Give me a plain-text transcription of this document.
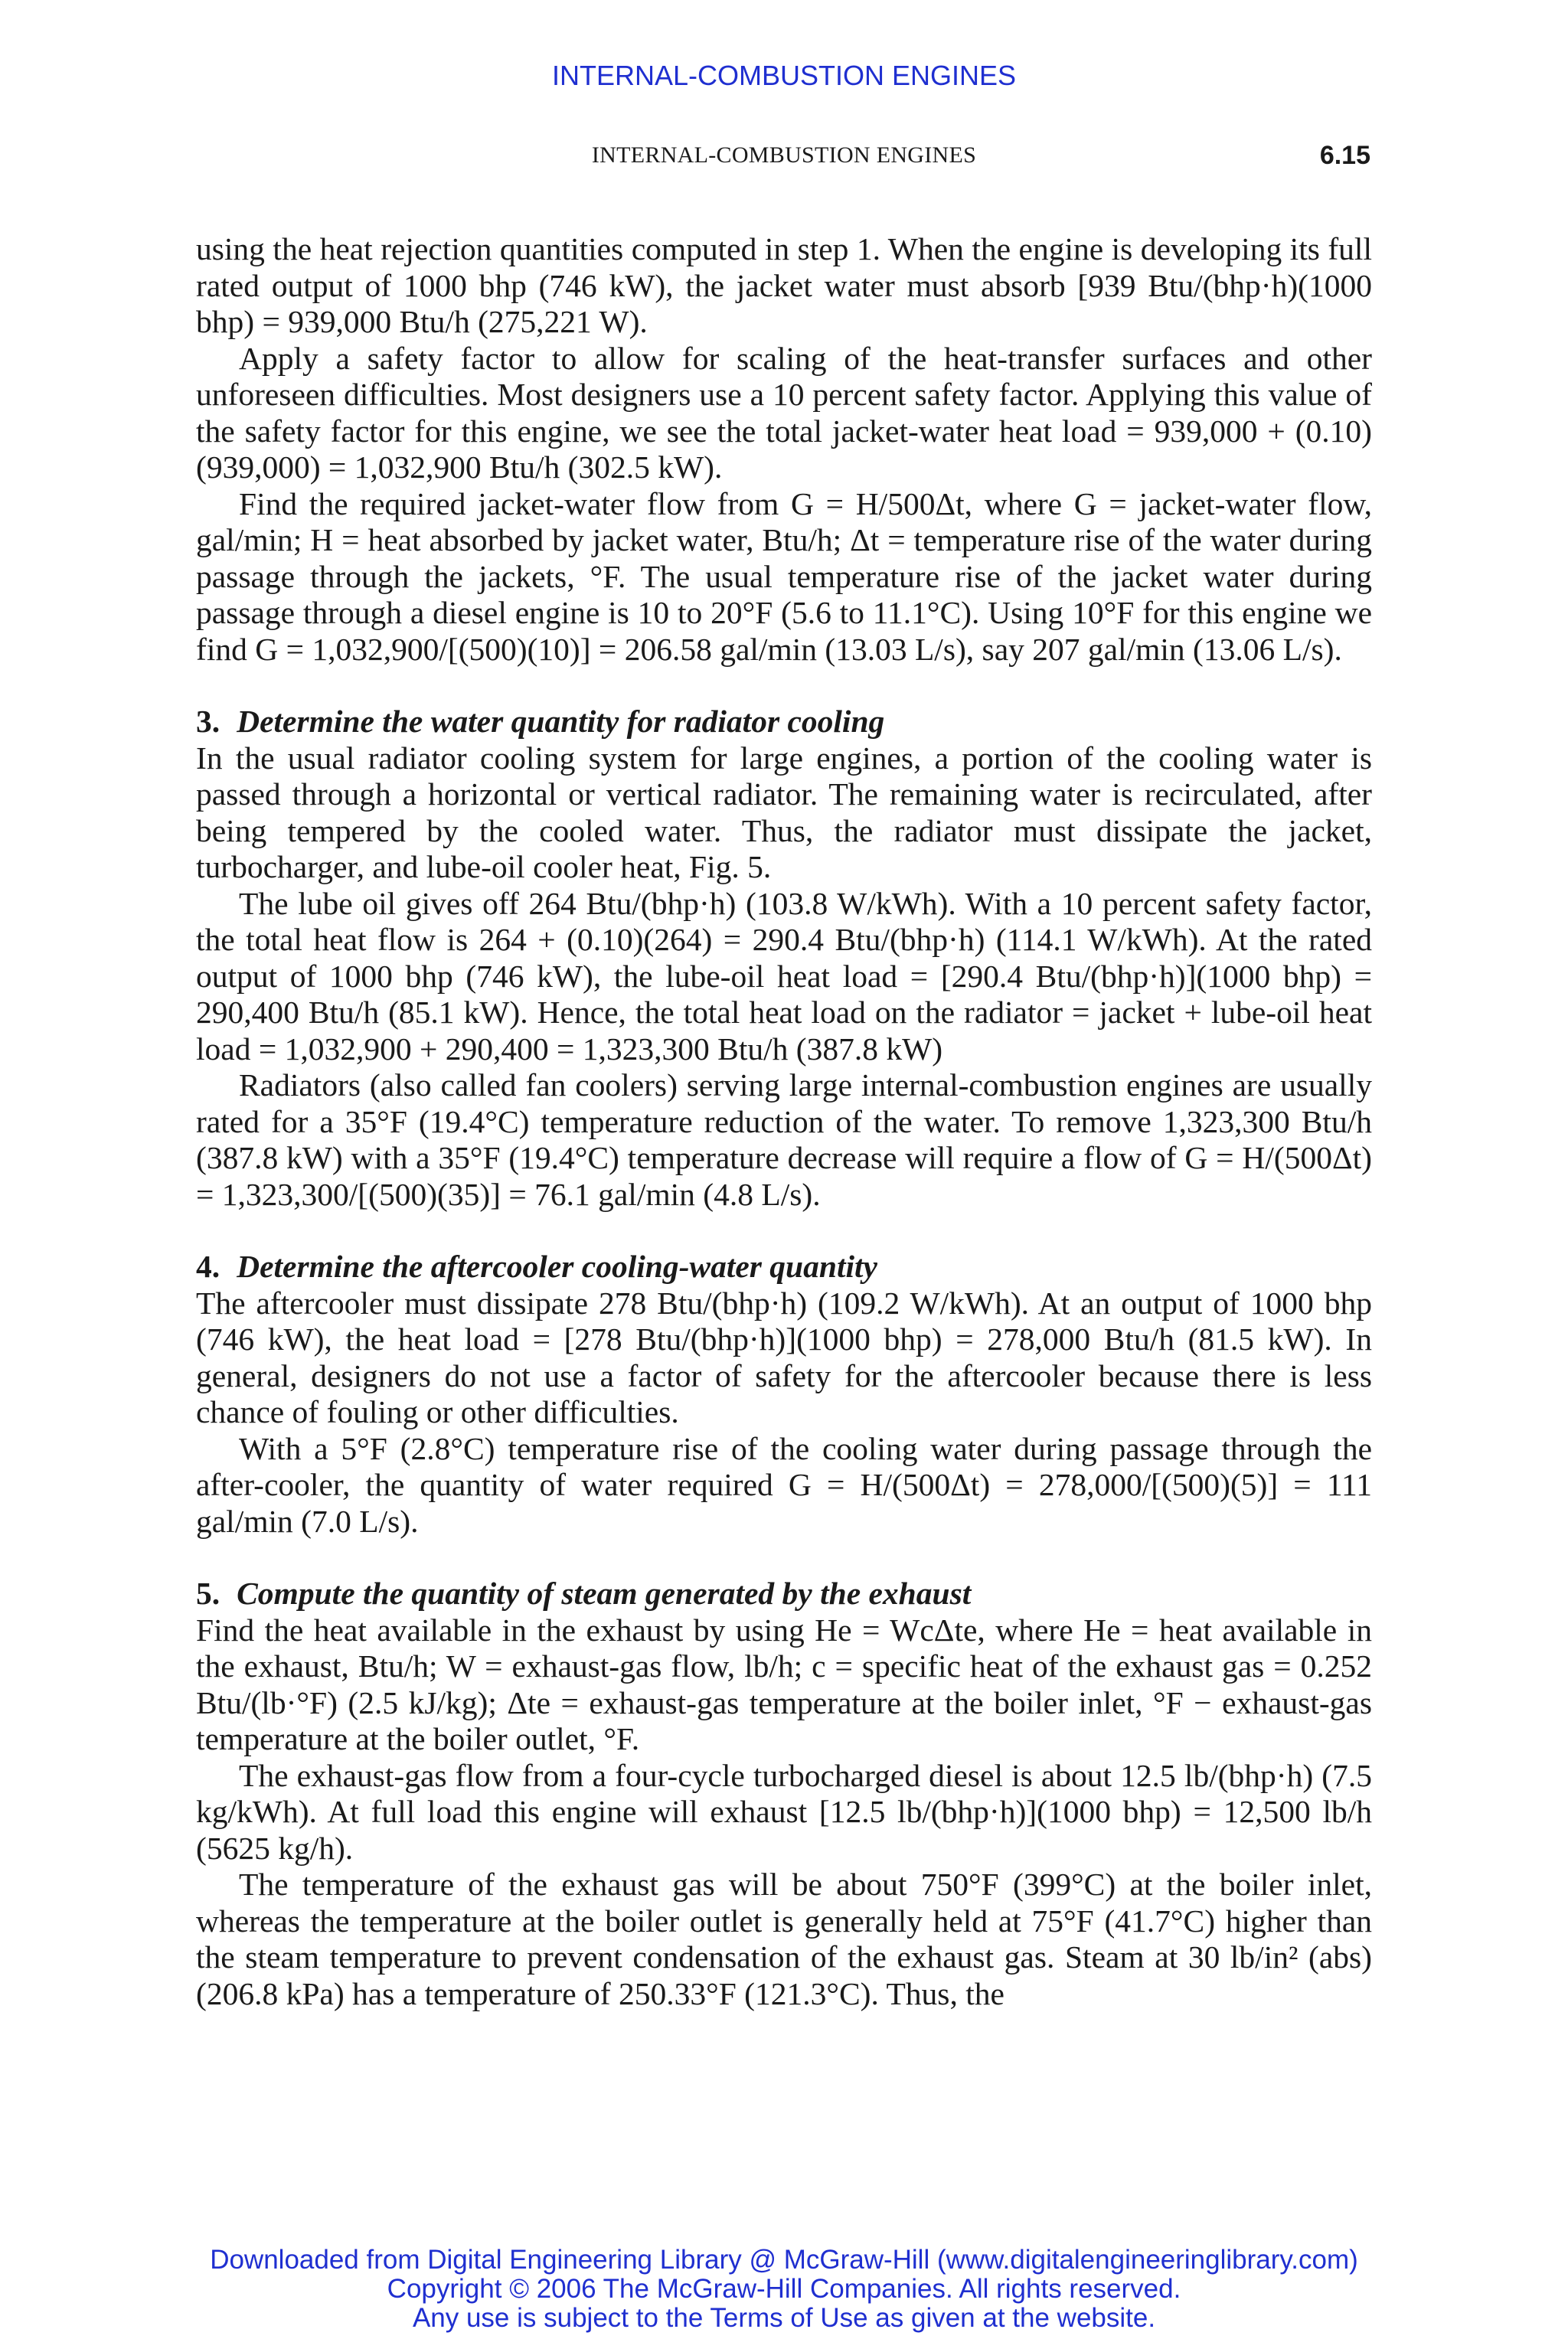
INTERNAL-COMBUSTION ENGINES
INTERNAL-COMBUSTION ENGINES	6.15

using the heat rejection quantities computed in step 1. When the engine is developing its full rated output of 1000 bhp (746 kW), the jacket water must absorb [939 Btu/(bhp·h)(1000 bhp) = 939,000 Btu/h (275,221 W).

Apply a safety factor to allow for scaling of the heat-transfer surfaces and other unforeseen difficulties. Most designers use a 10 percent safety factor. Applying this value of the safety factor for this engine, we see the total jacket-water heat load = 939,000 + (0.10)(939,000) = 1,032,900 Btu/h (302.5 kW).

Find the required jacket-water flow from G = H/500Δt, where G = jacket-water flow, gal/min; H = heat absorbed by jacket water, Btu/h; Δt = temperature rise of the water during passage through the jackets, °F. The usual temperature rise of the jacket water during passage through a diesel engine is 10 to 20°F (5.6 to 11.1°C). Using 10°F for this engine we find G = 1,032,900/[(500)(10)] = 206.58 gal/min (13.03 L/s), say 207 gal/min (13.06 L/s).

3. Determine the water quantity for radiator cooling

In the usual radiator cooling system for large engines, a portion of the cooling water is passed through a horizontal or vertical radiator. The remaining water is recirculated, after being tempered by the cooled water. Thus, the radiator must dissipate the jacket, turbocharger, and lube-oil cooler heat, Fig. 5.

The lube oil gives off 264 Btu/(bhp·h) (103.8 W/kWh). With a 10 percent safety factor, the total heat flow is 264 + (0.10)(264) = 290.4 Btu/(bhp·h) (114.1 W/kWh). At the rated output of 1000 bhp (746 kW), the lube-oil heat load = [290.4 Btu/(bhp·h)](1000 bhp) = 290,400 Btu/h (85.1 kW). Hence, the total heat load on the radiator = jacket + lube-oil heat load = 1,032,900 + 290,400 = 1,323,300 Btu/h (387.8 kW)

Radiators (also called fan coolers) serving large internal-combustion engines are usually rated for a 35°F (19.4°C) temperature reduction of the water. To remove 1,323,300 Btu/h (387.8 kW) with a 35°F (19.4°C) temperature decrease will require a flow of G = H/(500Δt) = 1,323,300/[(500)(35)] = 76.1 gal/min (4.8 L/s).

4. Determine the aftercooler cooling-water quantity

The aftercooler must dissipate 278 Btu/(bhp·h) (109.2 W/kWh). At an output of 1000 bhp (746 kW), the heat load = [278 Btu/(bhp·h)](1000 bhp) = 278,000 Btu/h (81.5 kW). In general, designers do not use a factor of safety for the aftercooler because there is less chance of fouling or other difficulties.

With a 5°F (2.8°C) temperature rise of the cooling water during passage through the after-cooler, the quantity of water required G = H/(500Δt) = 278,000/[(500)(5)] = 111 gal/min (7.0 L/s).

5. Compute the quantity of steam generated by the exhaust

Find the heat available in the exhaust by using He = WcΔte, where He = heat available in the exhaust, Btu/h; W = exhaust-gas flow, lb/h; c = specific heat of the exhaust gas = 0.252 Btu/(lb·°F) (2.5 kJ/kg); Δte = exhaust-gas temperature at the boiler inlet, °F − exhaust-gas temperature at the boiler outlet, °F.

The exhaust-gas flow from a four-cycle turbocharged diesel is about 12.5 lb/(bhp·h) (7.5 kg/kWh). At full load this engine will exhaust [12.5 lb/(bhp·h)](1000 bhp) = 12,500 lb/h (5625 kg/h).

The temperature of the exhaust gas will be about 750°F (399°C) at the boiler inlet, whereas the temperature at the boiler outlet is generally held at 75°F (41.7°C) higher than the steam temperature to prevent condensation of the exhaust gas. Steam at 30 lb/in² (abs) (206.8 kPa) has a temperature of 250.33°F (121.3°C). Thus, the

Downloaded from Digital Engineering Library @ McGraw-Hill (www.digitalengineeringlibrary.com)
Copyright © 2006 The McGraw-Hill Companies. All rights reserved.
Any use is subject to the Terms of Use as given at the website.
